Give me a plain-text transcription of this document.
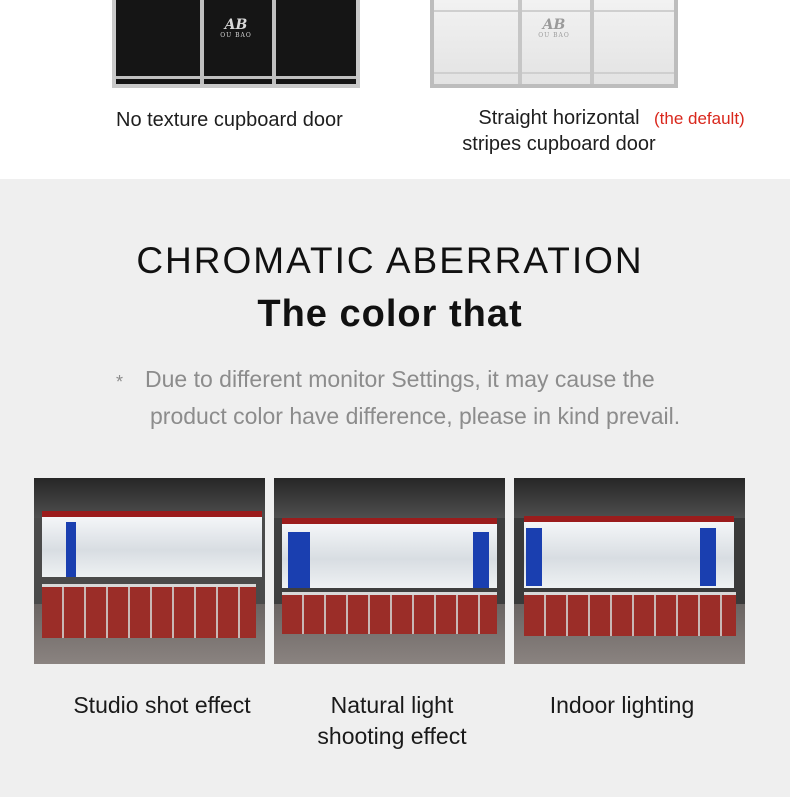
AB
OU BAO
AB
OU BAO
No texture cupboard door	Straight horizontal
stripes cupboard door
(the default)
CHROMATIC ABERRATION
The color that
* Due to different monitor Settings, it may cause the
product color have difference, please in kind prevail.
Studio shot effect	Natural light
shooting effect
Indoor lighting
